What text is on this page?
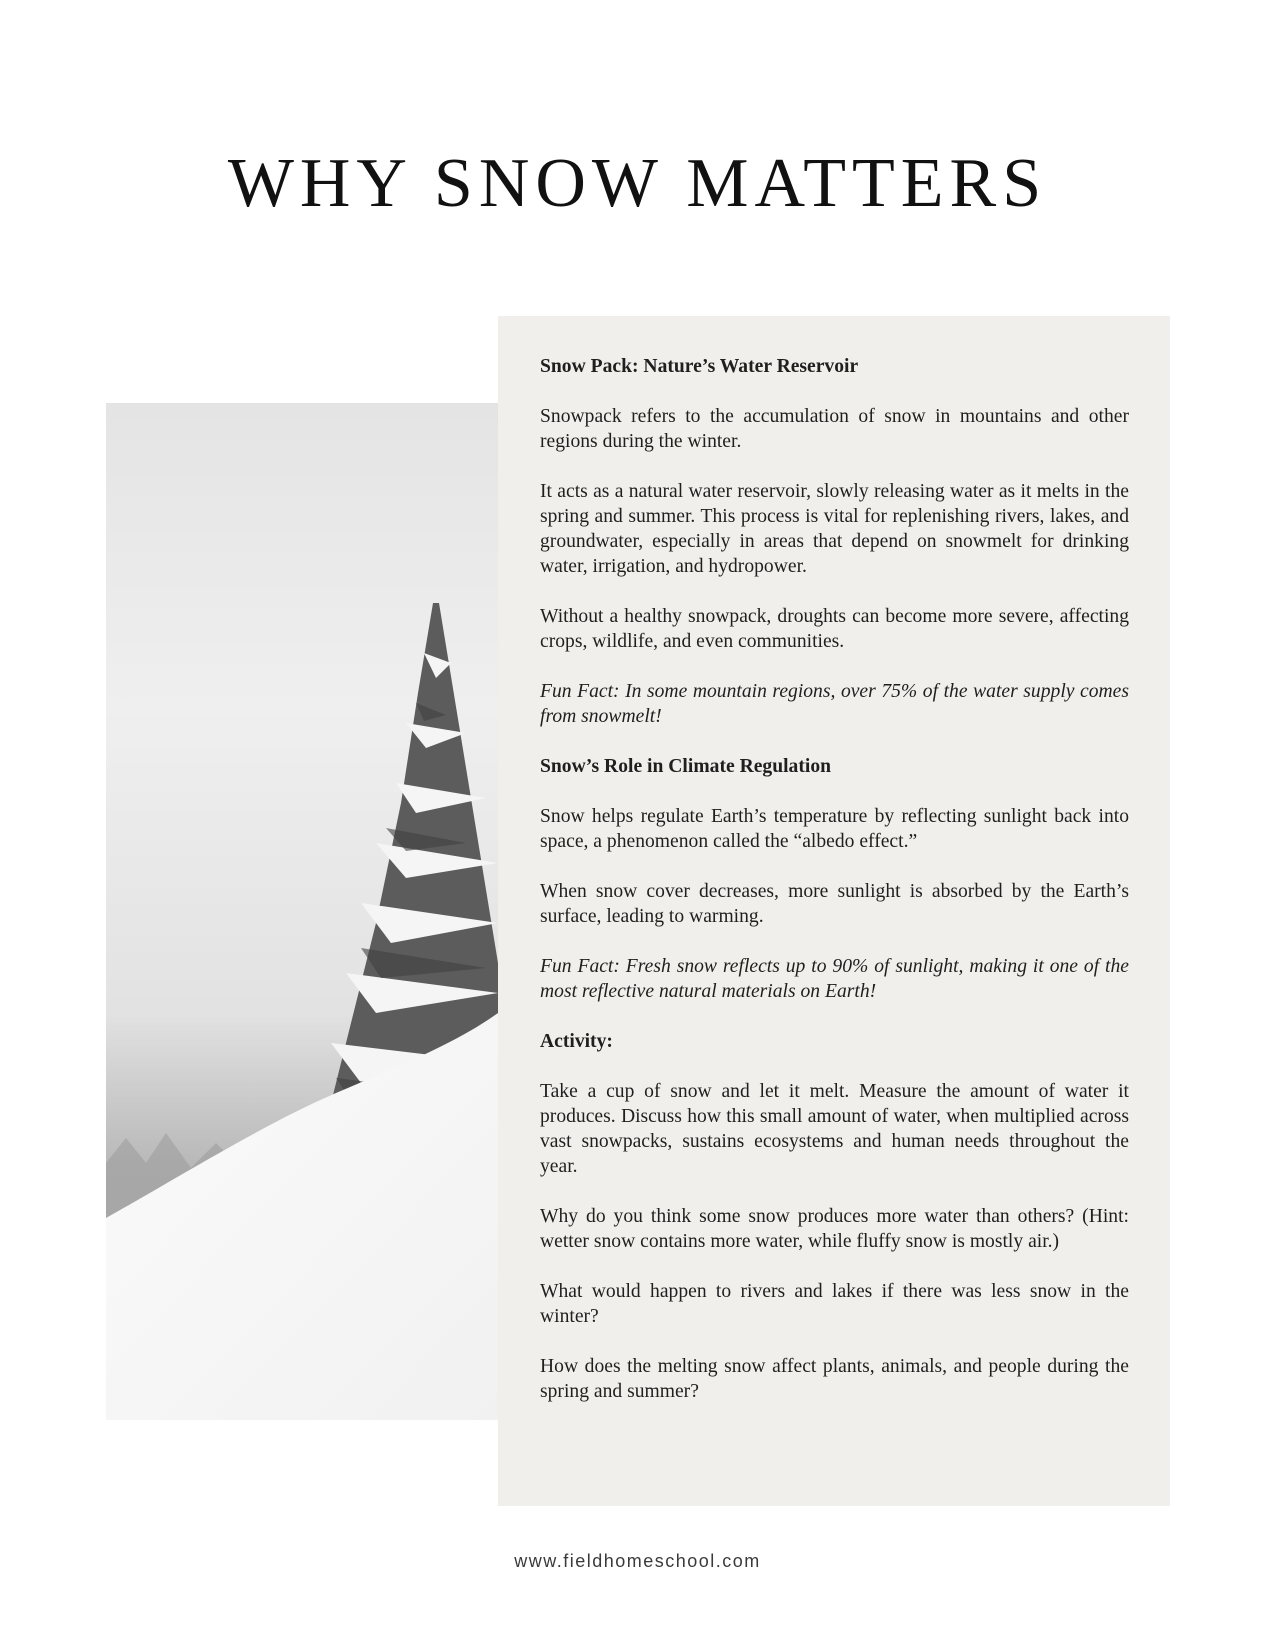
WHY SNOW MATTERS

Snow Pack: Nature’s Water Reservoir

Snowpack refers to the accumulation of snow in mountains and other regions during the winter.

It acts as a natural water reservoir, slowly releasing water as it melts in the spring and summer. This process is vital for replenishing rivers, lakes, and groundwater, especially in areas that depend on snowmelt for drinking water, irrigation, and hydropower.

Without a healthy snowpack, droughts can become more severe, affecting crops, wildlife, and even communities.

Fun Fact: In some mountain regions, over 75% of the water supply comes from snowmelt!

Snow’s Role in Climate Regulation

Snow helps regulate Earth’s temperature by reflecting sunlight back into space, a phenomenon called the “albedo effect.”

When snow cover decreases, more sunlight is absorbed by the Earth’s surface, leading to warming.

Fun Fact: Fresh snow reflects up to 90% of sunlight, making it one of the most reflective natural materials on Earth!

Activity:

Take a cup of snow and let it melt. Measure the amount of water it produces. Discuss how this small amount of water, when multiplied across vast snowpacks, sustains ecosystems and human needs throughout the year.

Why do you think some snow produces more water than others? (Hint: wetter snow contains more water, while fluffy snow is mostly air.)

What would happen to rivers and lakes if there was less snow in the winter?

How does the melting snow affect plants, animals, and people during the spring and summer?

www.fieldhomeschool.com
